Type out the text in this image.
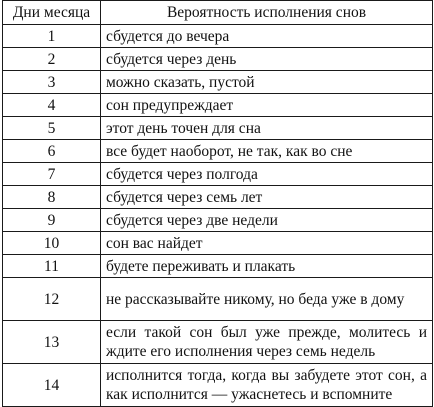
Дни месяца	Вероятность исполнения снов
1	сбудется до вечера
2	сбудется через день
3	можно сказать, пустой
4	сон предупреждает
5	этот день точен для сна
6	все будет наоборот, не так, как во сне
7	сбудется через полгода
8	сбудется через семь лет
9	сбудется через две недели
10	сон вас найдет
11	будете переживать и плакать
12	не рассказывайте никому, но беда уже в дому
13	если такой сон был уже прежде, молитесь и ждите его исполнения через семь недель
14	исполнится тогда, когда вы забудете этот сон, а как исполнится — ужаснетесь и вспомните
